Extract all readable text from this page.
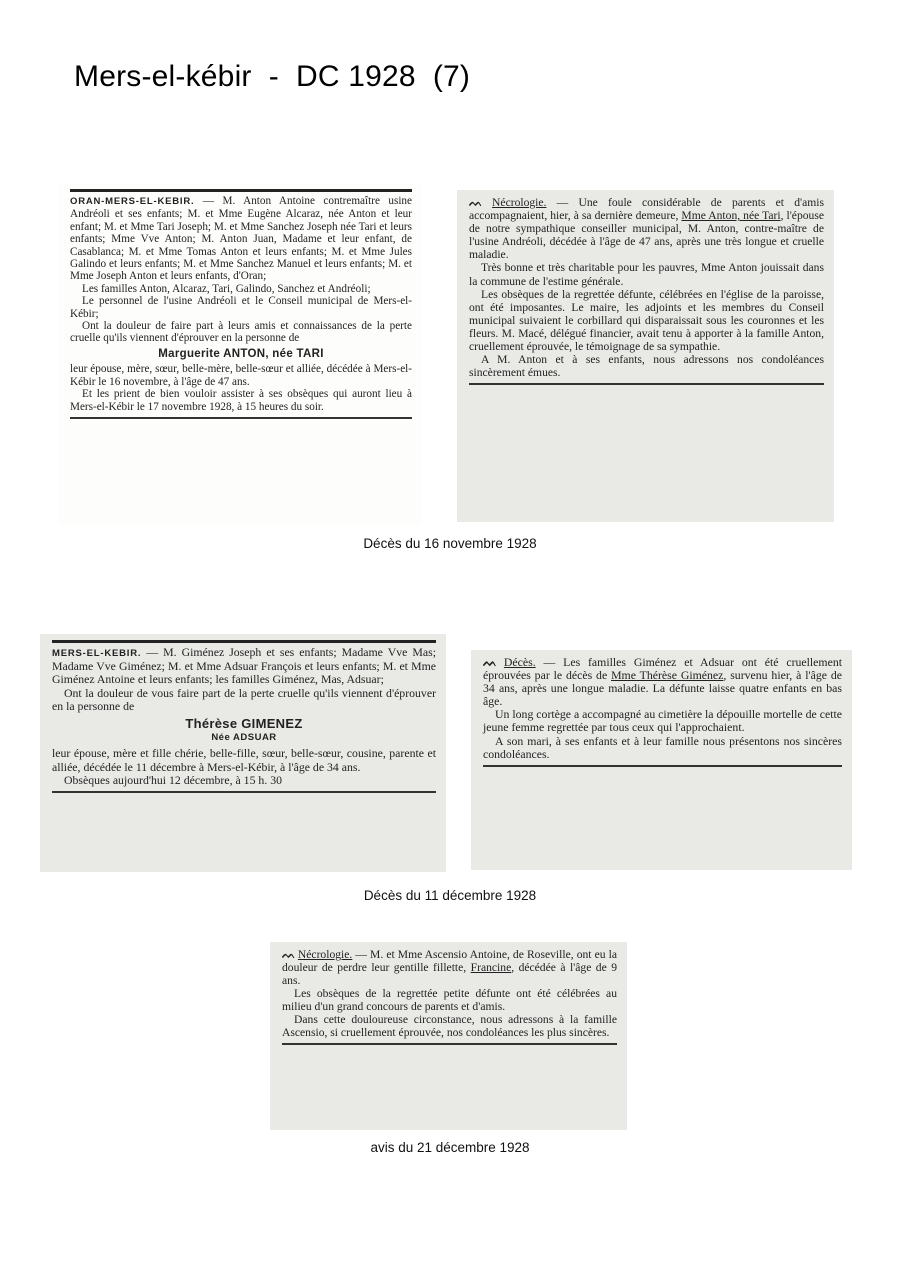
Mers-el-kébir  -  DC 1928  (7)

ORAN-MERS-EL-KEBIR. — M. Anton Antoine contremaître usine Andréoli et ses enfants; M. et Mme Eugène Alcaraz, née Anton et leur enfant; M. et Mme Tari Joseph; M. et Mme Sanchez Joseph née Tari et leurs enfants; Mme Vve Anton; M. Anton Juan, Madame et leur enfant, de Casablanca; M. et Mme Tomas Anton et leurs enfants; M. et Mme Jules Galindo et leurs enfants; M. et Mme Sanchez Manuel et leurs enfants; M. et Mme Joseph Anton et leurs enfants, d'Oran;

Les familles Anton, Alcaraz, Tari, Galindo, Sanchez et Andréoli;

Le personnel de l'usine Andréoli et le Conseil municipal de Mers-el-Kébir;

Ont la douleur de faire part à leurs amis et connaissances de la perte cruelle qu'ils viennent d'éprouver en la personne de

Marguerite ANTON, née TARI

leur épouse, mère, sœur, belle-mère, belle-sœur et alliée, décédée à Mers-el-Kébir le 16 novembre, à l'âge de 47 ans.

Et les prient de bien vouloir assister à ses obsèques qui auront lieu à Mers-el-Kébir le 17 novembre 1928, à 15 heures du soir.

ᨓ Nécrologie. — Une foule considérable de parents et d'amis accompagnaient, hier, à sa dernière demeure, Mme Anton, née Tari, l'épouse de notre sympathique conseiller municipal, M. Anton, contre-maître de l'usine Andréoli, décédée à l'âge de 47 ans, après une très longue et cruelle maladie.

Très bonne et très charitable pour les pauvres, Mme Anton jouissait dans la commune de l'estime générale.

Les obsèques de la regrettée défunte, célébrées en l'église de la paroisse, ont été imposantes. Le maire, les adjoints et les membres du Conseil municipal suivaient le corbillard qui disparaissait sous les couronnes et les fleurs. M. Macé, délégué financier, avait tenu à apporter à la famille Anton, cruellement éprouvée, le témoignage de sa sympathie.

A M. Anton et à ses enfants, nous adressons nos condoléances sincèrement émues.

Décès du 16 novembre 1928

MERS-EL-KEBIR. — M. Giménez Joseph et ses enfants; Madame Vve Mas; Madame Vve Giménez; M. et Mme Adsuar François et leurs enfants; M. et Mme Giménez Antoine et leurs enfants; les familles Giménez, Mas, Adsuar;

Ont la douleur de vous faire part de la perte cruelle qu'ils viennent d'éprouver en la personne de

Thérèse GIMENEZ
Née ADSUAR

leur épouse, mère et fille chérie, belle-fille, sœur, belle-sœur, cousine, parente et alliée, décédée le 11 décembre à Mers-el-Kébir, à l'âge de 34 ans.

Obsèques aujourd'hui 12 décembre, à 15 h. 30

ᨓ Décès. — Les familles Giménez et Adsuar ont été cruellement éprouvées par le décès de Mme Thérèse Giménez, survenu hier, à l'âge de 34 ans, après une longue maladie. La défunte laisse quatre enfants en bas âge.

Un long cortège a accompagné au cimetière la dépouille mortelle de cette jeune femme regrettée par tous ceux qui l'approchaient.

A son mari, à ses enfants et à leur famille nous présentons nos sincères condoléances.

Décès du 11 décembre 1928

ᨓ Nécrologie. — M. et Mme Ascensio Antoine, de Roseville, ont eu la douleur de perdre leur gentille fillette, Francine, décédée à l'âge de 9 ans.

Les obsèques de la regrettée petite défunte ont été célébrées au milieu d'un grand concours de parents et d'amis.

Dans cette douloureuse circonstance, nous adressons à la famille Ascensio, si cruellement éprouvée, nos condoléances les plus sincères.

avis du 21 décembre 1928
